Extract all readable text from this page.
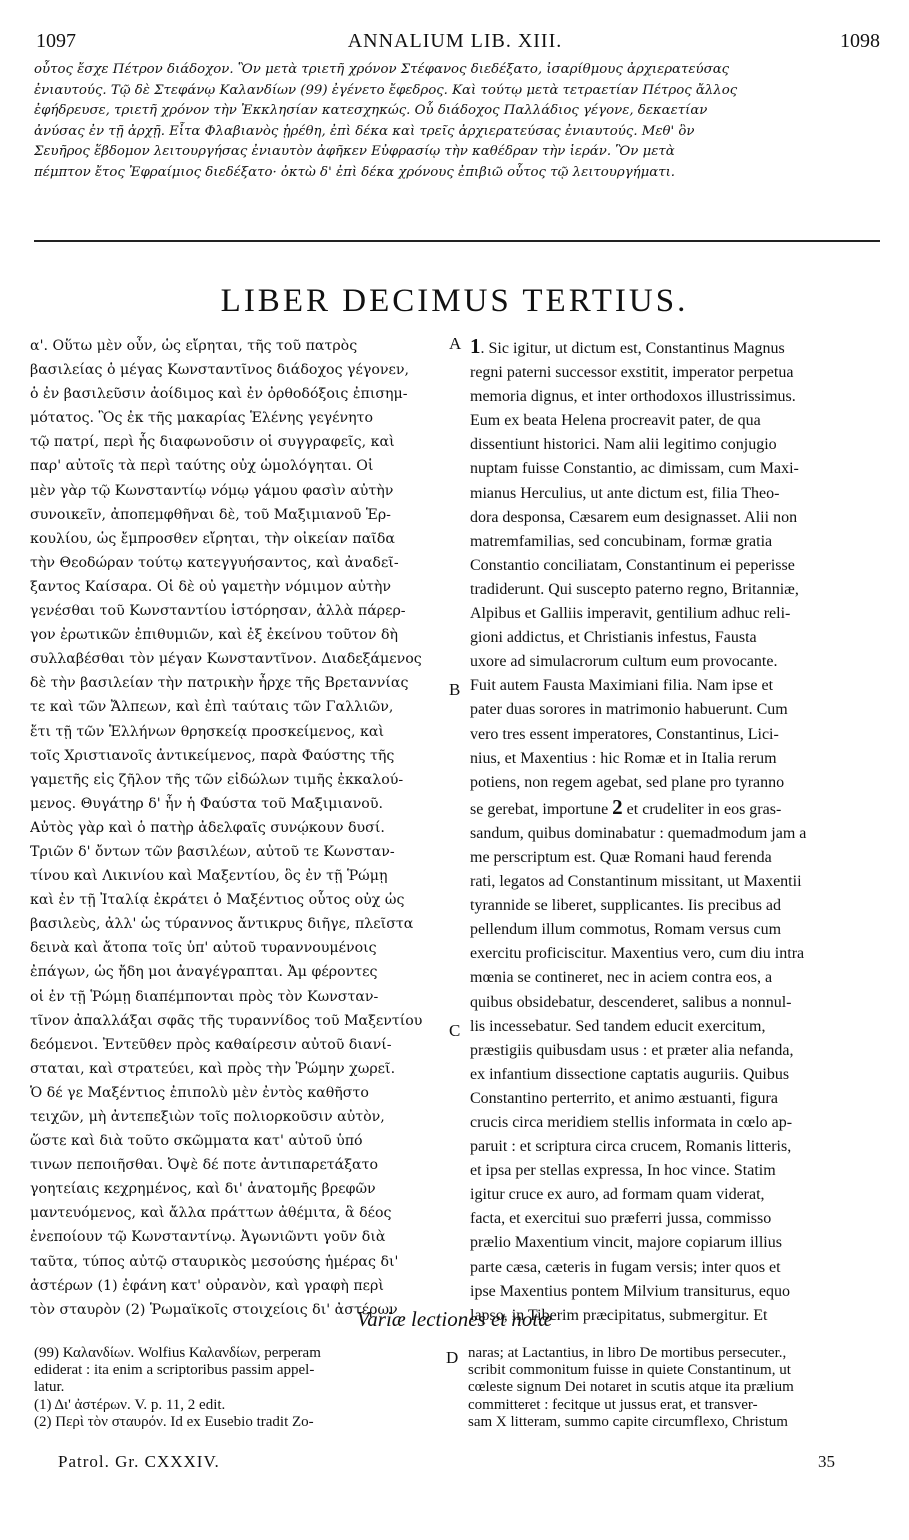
1097	ANNALIUM LIB. XIII.	1098
οὗτος ἔσχε Πέτρον διάδοχον. Ὃν μετὰ τριετῆ χρόνον Στέφανος διεδέξατο, ἰσαρίθμους ἀρχιερατεύσας
ἐνιαυτούς. Τῷ δὲ Στεφάνῳ Καλανδίων (99) ἐγένετο ἔφεδρος. Καὶ τούτῳ μετὰ τετραετίαν Πέτρος ἄλλος
ἐφήδρευσε, τριετῆ χρόνον τὴν Ἐκκλησίαν κατεσχηκώς. Οὗ διάδοχος Παλλάδιος γέγονε, δεκαετίαν
ἀνύσας ἐν τῇ ἀρχῇ. Εἶτα Φλαβιανὸς ᾑρέθη, ἐπὶ δέκα καὶ τρεῖς ἀρχιερατεύσας ἐνιαυτούς. Μεθ' ὃν
Σευῆρος ἕβδομον λειτουργήσας ἐνιαυτὸν ἀφῆκεν Εὐφρασίῳ τὴν καθέδραν τὴν ἱεράν. Ὃν μετὰ
πέμπτον ἔτος Ἐφραίμιος διεδέξατο· ὀκτὼ δ' ἐπὶ δέκα χρόνους ἐπιβιῶ οὗτος τῷ λειτουργήματι.
LIBER DECIMUS TERTIUS.
α'. Οὕτω μὲν οὖν, ὡς εἴρηται, τῆς τοῦ πατρὸς
βασιλείας ὁ μέγας Κωνσταντῖνος διάδοχος γέγονεν,
ὁ ἐν βασιλεῦσιν ἀοίδιμος καὶ ἐν ὀρθοδόξοις ἐπισημ-
μότατος. Ὃς ἐκ τῆς μακαρίας Ἑλένης γεγένητο
τῷ πατρί, περὶ ἧς διαφωνοῦσιν οἱ συγγραφεῖς, καὶ
παρ' αὐτοῖς τὰ περὶ ταύτης οὐχ ὡμολόγηται. Οἱ
μὲν γὰρ τῷ Κωνσταντίῳ νόμῳ γάμου φασὶν αὐτὴν
συνοικεῖν, ἀποπεμφθῆναι δὲ, τοῦ Μαξιμιανοῦ Ἑρ-
κουλίου, ὡς ἔμπροσθεν εἴρηται, τὴν οἰκείαν παῖδα
τὴν Θεοδώραν τούτῳ κατεγγυήσαντος, καὶ ἀναδεῖ-
ξαντος Καίσαρα. Οἱ δὲ οὐ γαμετὴν νόμιμον αὐτὴν
γενέσθαι τοῦ Κωνσταντίου ἱστόρησαν, ἀλλὰ πάρερ-
γον ἐρωτικῶν ἐπιθυμιῶν, καὶ ἐξ ἐκείνου τοῦτον δὴ
συλλαβέσθαι τὸν μέγαν Κωνσταντῖνον. Διαδεξάμενος
δὲ τὴν βασιλείαν τὴν πατρικὴν ἦρχε τῆς Βρεταννίας
τε καὶ τῶν Ἄλπεων, καὶ ἐπὶ ταύταις τῶν Γαλλιῶν,
ἔτι τῇ τῶν Ἑλλήνων θρησκείᾳ προσκείμενος, καὶ
τοῖς Χριστιανοῖς ἀντικείμενος, παρὰ Φαύστης τῆς
γαμετῆς εἰς ζῆλον τῆς τῶν εἰδώλων τιμῆς ἐκκαλού-
μενος. Θυγάτηρ δ' ἦν ἡ Φαύστα τοῦ Μαξιμιανοῦ.
Αὐτὸς γὰρ καὶ ὁ πατὴρ ἀδελφαῖς συνῴκουν δυσί.
Τριῶν δ' ὄντων τῶν βασιλέων, αὐτοῦ τε Κωνσταν-
τίνου καὶ Λικινίου καὶ Μαξεντίου, ὃς ἐν τῇ Ῥώμῃ
καὶ ἐν τῇ Ἰταλίᾳ ἐκράτει ὁ Μαξέντιος οὗτος οὐχ ὡς
βασιλεὺς, ἀλλ' ὡς τύραννος ἄντικρυς διῆγε, πλεῖστα
δεινὰ καὶ ἄτοπα τοῖς ὑπ' αὐτοῦ τυραννουμένοις
ἐπάγων, ὡς ἤδη μοι ἀναγέγραπται. Ἀμ φέροντες
οἱ ἐν τῇ Ῥώμῃ διαπέμπονται πρὸς τὸν Κωνσταν-
τῖνον ἀπαλλάξαι σφᾶς τῆς τυραννίδος τοῦ Μαξεντίου
δεόμενοι. Ἐντεῦθεν πρὸς καθαίρεσιν αὐτοῦ διανί-
σταται, καὶ στρατεύει, καὶ πρὸς τὴν Ῥώμην χωρεῖ.
Ὁ δέ γε Μαξέντιος ἐπιπολὺ μὲν ἐντὸς καθῆστο
τειχῶν, μὴ ἀντεπεξιὼν τοῖς πολιορκοῦσιν αὐτὸν,
ὥστε καὶ διὰ τοῦτο σκῶμματα κατ' αὐτοῦ ὑπό
τινων πεποιῆσθαι. Ὀψὲ δέ ποτε ἀντιπαρετάξατο
γοητείαις κεχρημένος, καὶ δι' ἀνατομῆς βρεφῶν
μαντευόμενος, καὶ ἄλλα πράττων ἀθέμιτα, ἃ δέος
ἐνεποίουν τῷ Κωνσταντίνῳ. Ἀγωνιῶντι γοῦν διὰ
ταῦτα, τύπος αὐτῷ σταυρικὸς μεσούσης ἡμέρας δι'
ἀστέρων (1) ἐφάνη κατ' οὐρανὸν, καὶ γραφὴ περὶ
τὸν σταυρὸν (2) Ῥωμαϊκοῖς στοιχείοις δι' ἀστέρων
A
B
C
D
1. Sic igitur, ut dictum est, Constantinus Magnus
regni paterni successor exstitit, imperator perpetua
memoria dignus, et inter orthodoxos illustrissimus.
Eum ex beata Helena procreavit pater, de qua
dissentiunt historici. Nam alii legitimo conjugio
nuptam fuisse Constantio, ac dimissam, cum Maxi-
mianus Herculius, ut ante dictum est, filia Theo-
dora desponsa, Cæsarem eum designasset. Alii non
matremfamilias, sed concubinam, formæ gratia
Constantio conciliatam, Constantinum ei peperisse
tradiderunt. Qui suscepto paterno regno, Britanniæ,
Alpibus et Galliis imperavit, gentilium adhuc reli-
gioni addictus, et Christianis infestus, Fausta
uxore ad simulacrorum cultum eum provocante.
Fuit autem Fausta Maximiani filia. Nam ipse et
pater duas sorores in matrimonio habuerunt. Cum
vero tres essent imperatores, Constantinus, Lici-
nius, et Maxentius : hic Romæ et in Italia rerum
potiens, non regem agebat, sed plane pro tyranno
se gerebat, importune 2 et crudeliter in eos gras-
sandum, quibus dominabatur : quemadmodum jam a
me perscriptum est. Quæ Romani haud ferenda
rati, legatos ad Constantinum missitant, ut Maxentii
tyrannide se liberet, supplicantes. Iis precibus ad
pellendum illum commotus, Romam versus cum
exercitu proficiscitur. Maxentius vero, cum diu intra
mœnia se contineret, nec in aciem contra eos, a
quibus obsidebatur, descenderet, salibus a nonnul-
lis incessebatur. Sed tandem educit exercitum,
præstigiis quibusdam usus : et præter alia nefanda,
ex infantium dissectione captatis auguriis. Quibus
Constantino perterrito, et animo æstuanti, figura
crucis circa meridiem stellis informata in cœlo ap-
paruit : et scriptura circa crucem, Romanis litteris,
et ipsa per stellas expressa, In hoc vince. Statim
igitur cruce ex auro, ad formam quam viderat,
facta, et exercitui suo præferri jussa, commisso
prælio Maxentium vincit, majore copiarum illius
parte cæsa, cæteris in fugam versis; inter quos et
ipse Maxentius pontem Milvium transiturus, equo
lapso, in Tiberim præcipitatus, submergitur. Et
Variæ lectiones et notæ
(99) Καλανδίων. Wolfius Καλανδίων, perperam
ediderat : ita enim a scriptoribus passim appel-
latur.
(1) Δι' ἀστέρων. V. p. 11, 2 edit.
(2) Περὶ τὸν σταυρόν. Id ex Eusebio tradit Zo-
naras; at Lactantius, in libro De mortibus persecuter.,
scribit commonitum fuisse in quiete Constantinum, ut
cœleste signum Dei notaret in scutis atque ita prælium
committeret : fecitque ut jussus erat, et transver-
sam X litteram, summo capite circumflexo, Christum
Patrol. Gr. CXXXIV.	35
